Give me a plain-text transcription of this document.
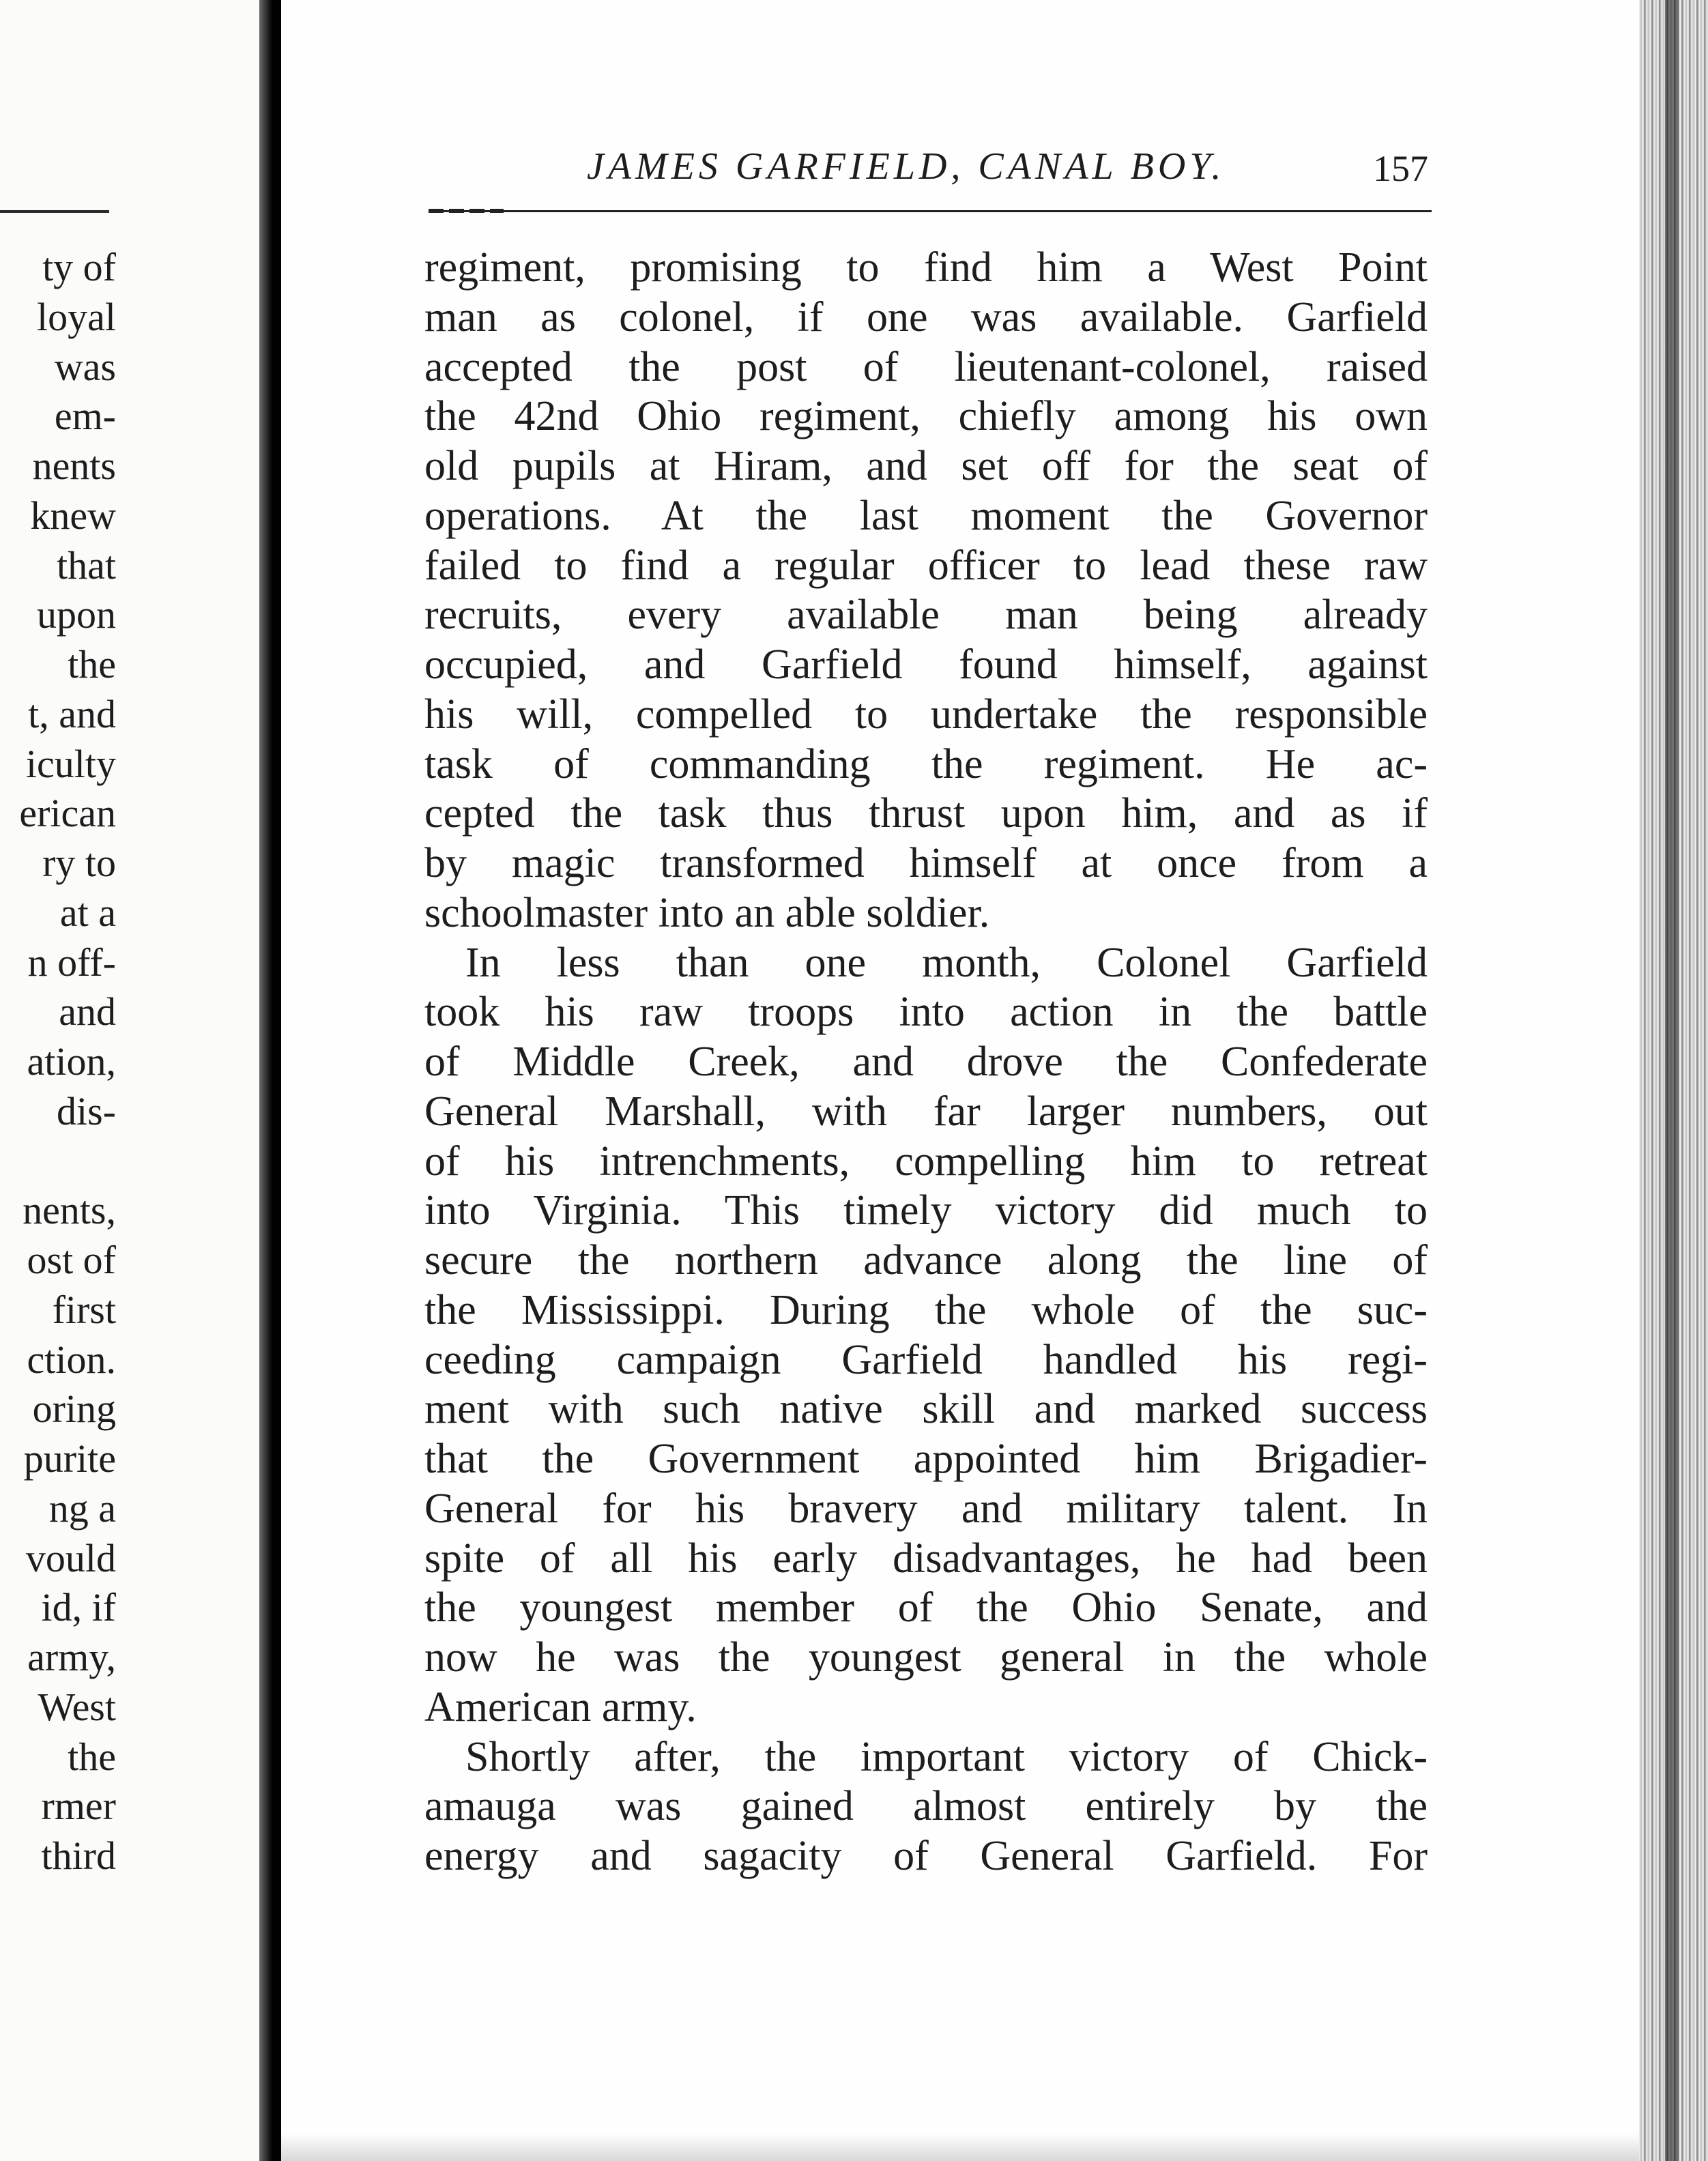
ty of
loyal
was
em-
nents
knew
that
upon
the
t, and
iculty
erican
ry to
at a
n off-
and
ation,
dis-
nents,
ost of
first
ction.
oring
purite
ng a
vould
id, if
army,
West
the
rmer
third
JAMES GARFIELD, CANAL BOY.	157
regiment, promising to find him a West Point
man as colonel, if one was available. Garfield
accepted the post of lieutenant-colonel, raised
the 42nd Ohio regiment, chiefly among his own
old pupils at Hiram, and set off for the seat of
operations. At the last moment the Governor
failed to find a regular officer to lead these raw
recruits, every available man being already
occupied, and Garfield found himself, against
his will, compelled to undertake the responsible
task of commanding the regiment. He ac-
cepted the task thus thrust upon him, and as if
by magic transformed himself at once from a
schoolmaster into an able soldier.
In less than one month, Colonel Garfield
took his raw troops into action in the battle
of Middle Creek, and drove the Confederate
General Marshall, with far larger numbers, out
of his intrenchments, compelling him to retreat
into Virginia. This timely victory did much to
secure the northern advance along the line of
the Mississippi. During the whole of the suc-
ceeding campaign Garfield handled his regi-
ment with such native skill and marked success
that the Government appointed him Brigadier-
General for his bravery and military talent. In
spite of all his early disadvantages, he had been
the youngest member of the Ohio Senate, and
now he was the youngest general in the whole
American army.
Shortly after, the important victory of Chick-
amauga was gained almost entirely by the
energy and sagacity of General Garfield. For
